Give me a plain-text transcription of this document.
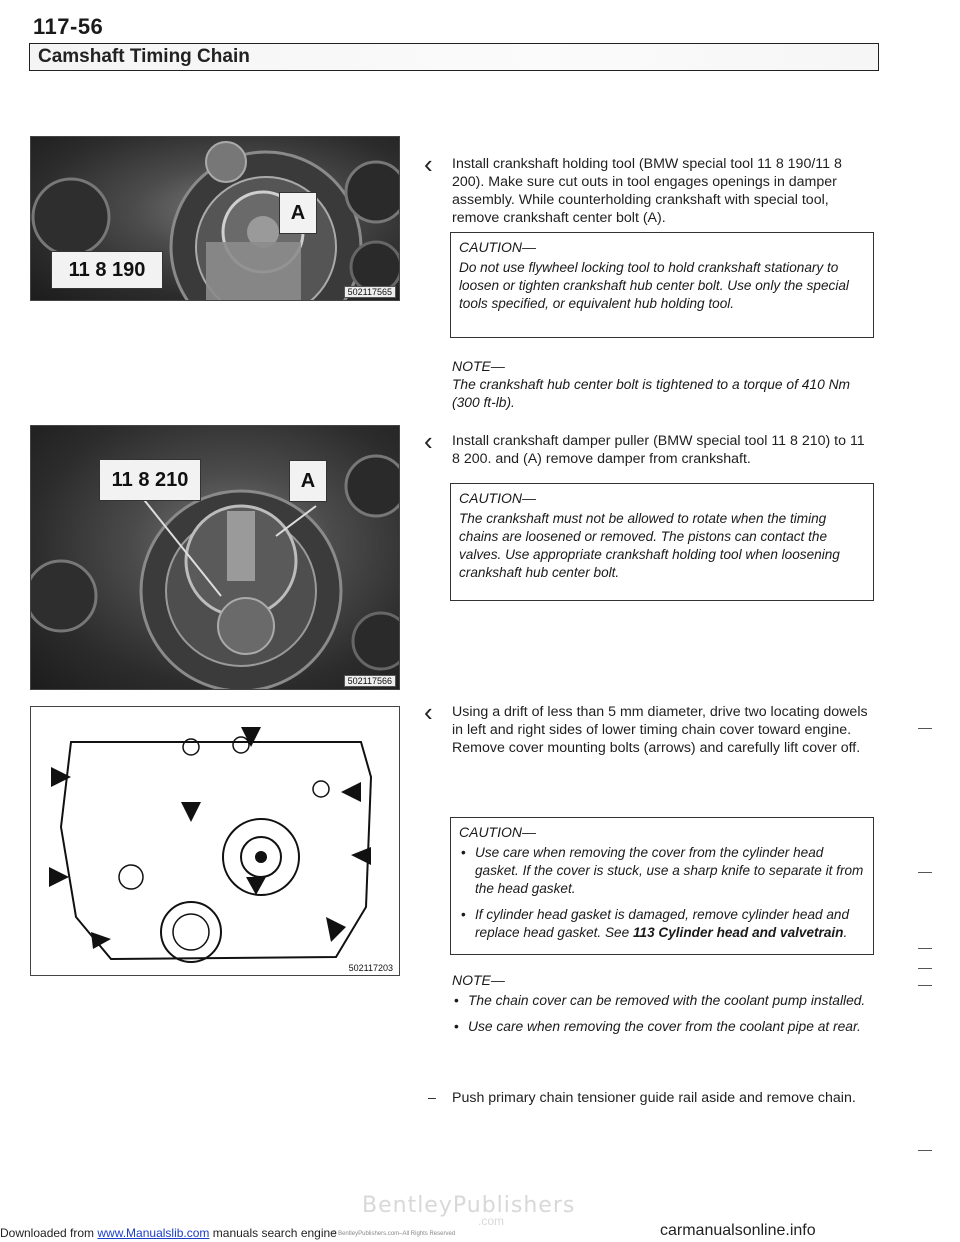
117-56
Camshaft Timing Chain
A
11 8 190
502117565
11 8 210	A
502117566
502117203
‹ Install crankshaft holding tool (BMW special tool 11 8 190/11 8 200). Make sure cut outs in tool engages openings in damper assembly. While counterholding crankshaft with special tool, remove crankshaft center bolt (A).
CAUTION—
Do not use flywheel locking tool to hold crankshaft stationary to loosen or tighten crankshaft hub center bolt. Use only the special tools specified, or equivalent hub holding tool.
NOTE—
The crankshaft hub center bolt is tightened to a torque of 410 Nm (300 ft-lb).
‹ Install crankshaft damper puller (BMW special tool 11 8 210) to 11 8 200. and (A) remove damper from crankshaft.
CAUTION—
The crankshaft must not be allowed to rotate when the timing chains are loosened or removed. The pistons can contact the valves. Use appropriate crankshaft holding tool when loosening crankshaft hub center bolt.
‹ Using a drift of less than 5 mm diameter, drive two locating dowels in left and right sides of lower timing chain cover toward engine. Remove cover mounting bolts (arrows) and carefully lift cover off.
CAUTION—
• Use care when removing the cover from the cylinder head gasket. If the cover is stuck, use a sharp knife to separate it from the head gasket.
• If cylinder head gasket is damaged, remove cylinder head and replace head gasket. See 113 Cylinder head and valvetrain.
NOTE—
• The chain cover can be removed with the coolant pump installed.
• Use care when removing the cover from the coolant pipe at rear.
– Push primary chain tensioner guide rail aside and remove chain.
BentleyPublishers
.com
© BentleyPublishers.com–All Rights Reserved
Downloaded from www.Manualslib.com manuals search engine	carmanualsonline.info
